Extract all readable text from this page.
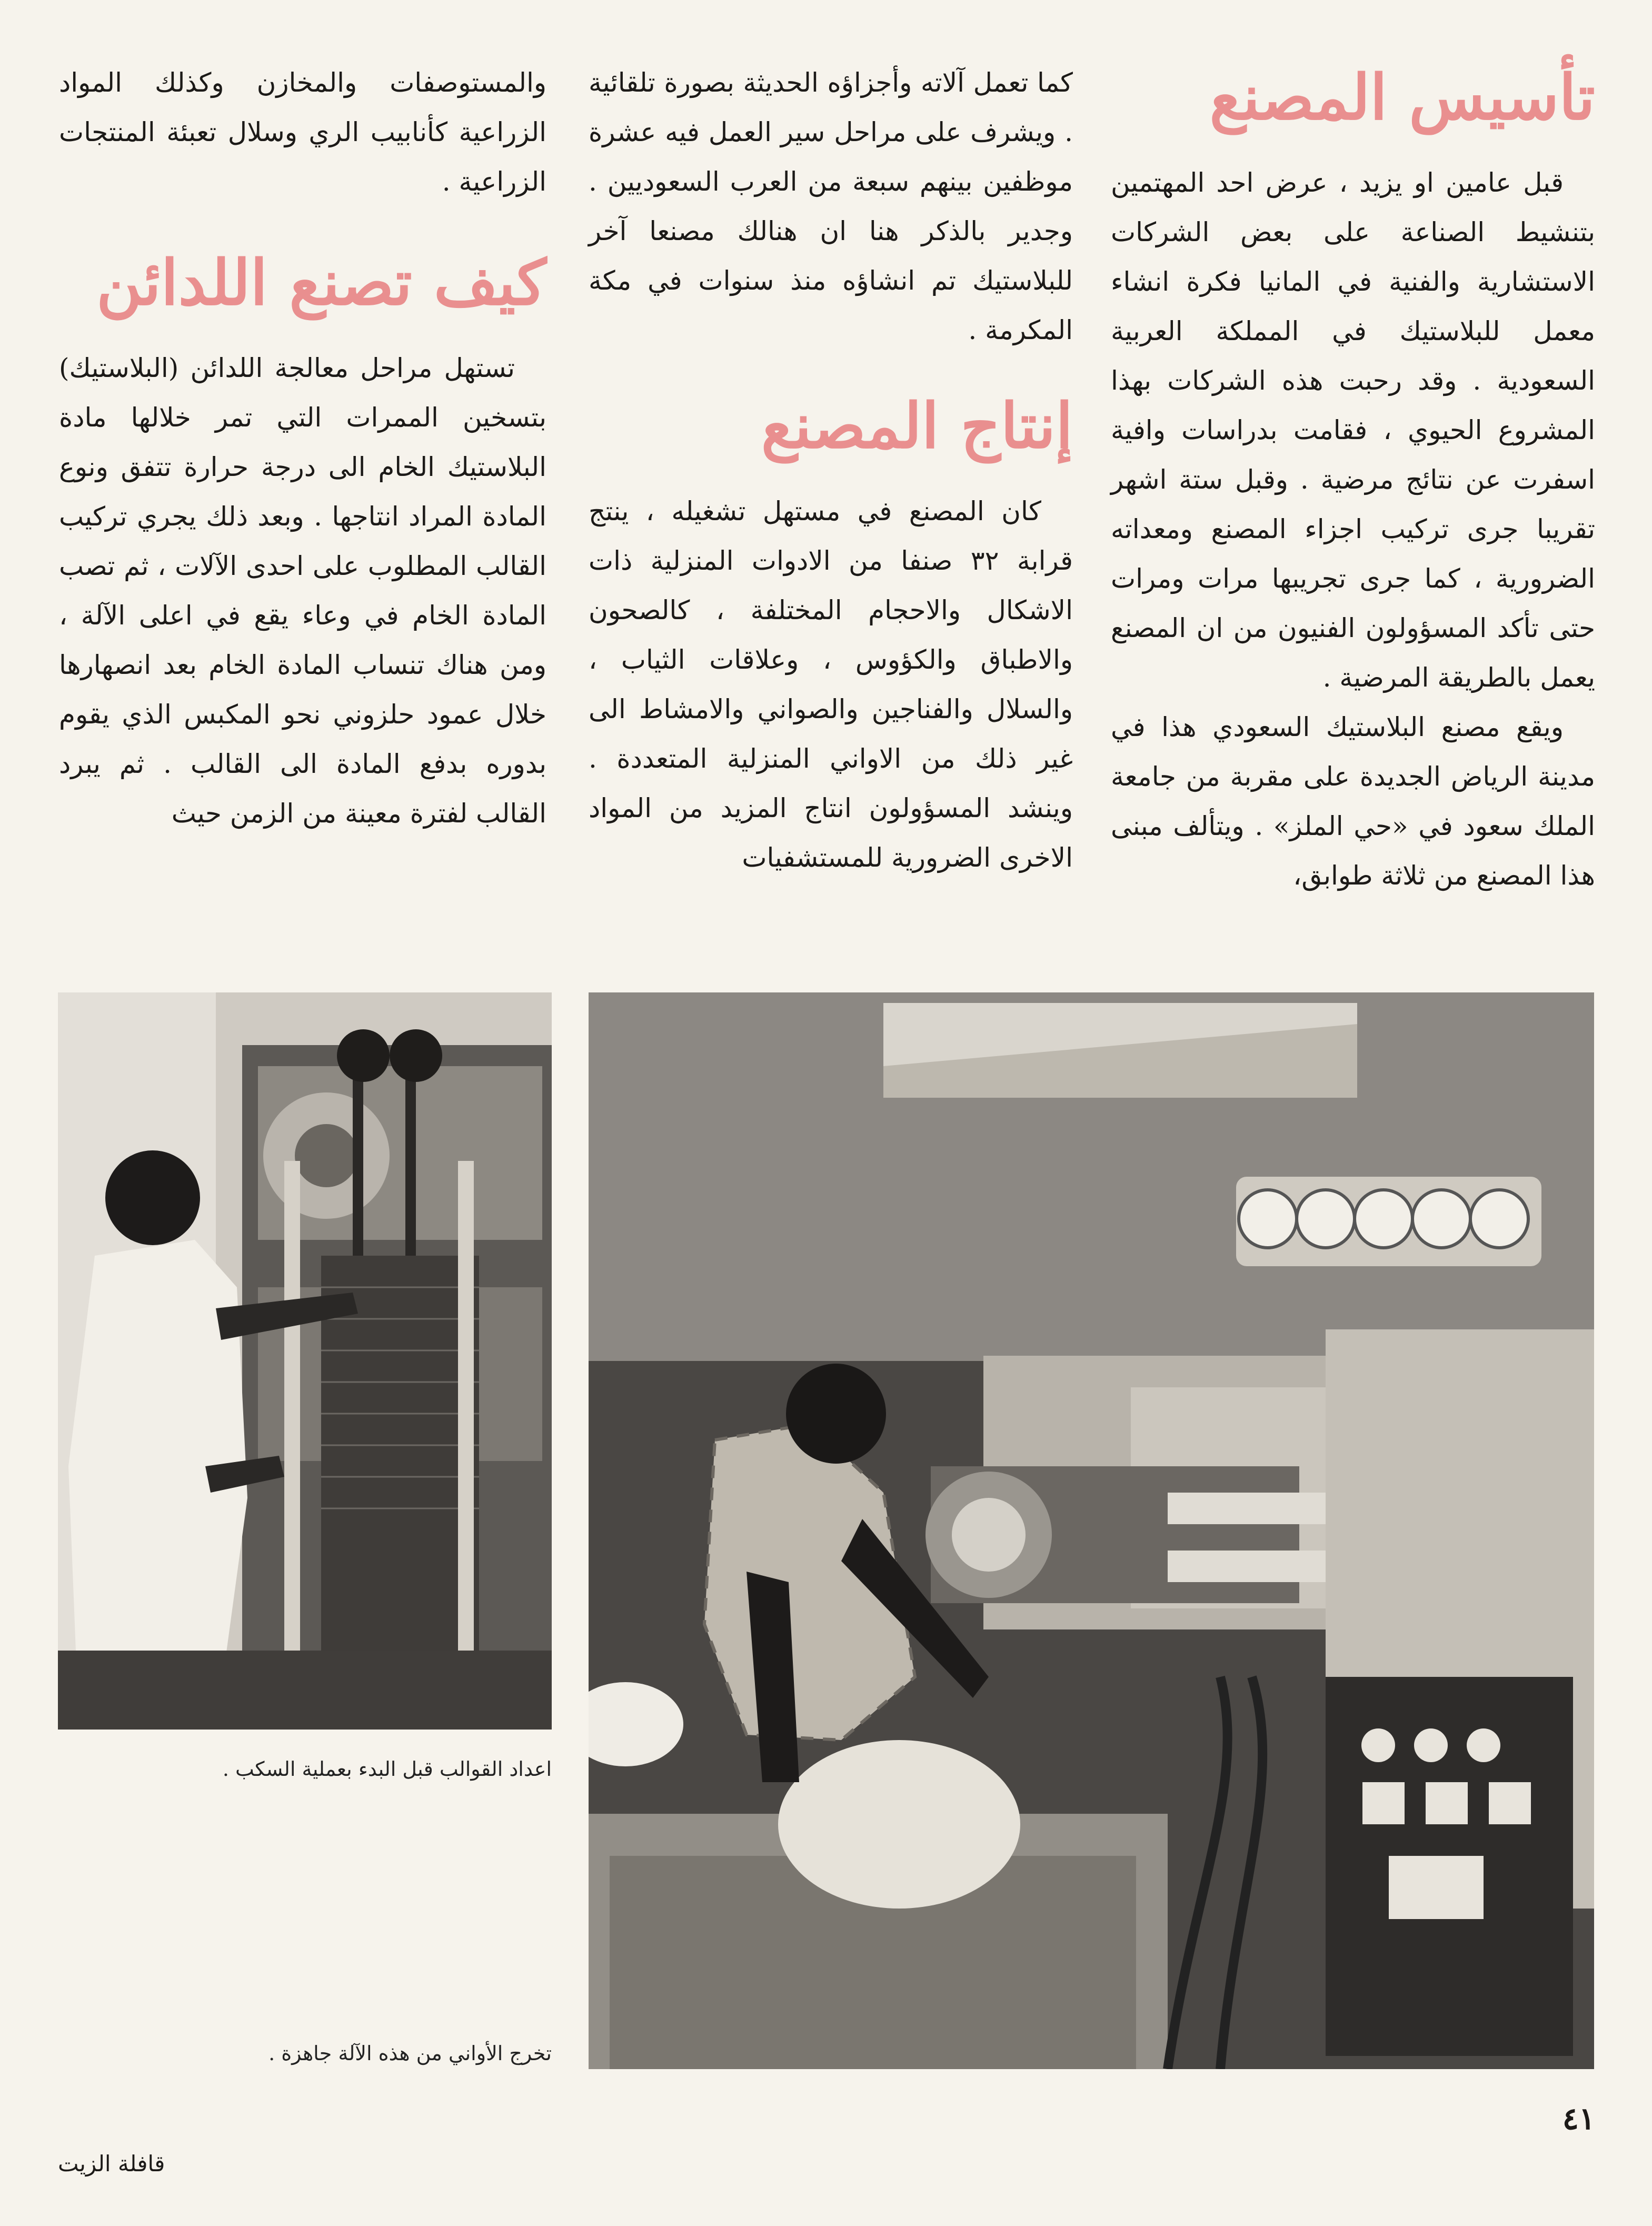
تأسيس المصنع

قبل عامين او يزيد ، عرض احد المهتمين بتنشيط الصناعة على بعض الشركات الاستشارية والفنية في المانيا فكرة انشاء معمل للبلاستيك في المملكة العربية السعودية . وقد رحبت هذه الشركات بهذا المشروع الحيوي ، فقامت بدراسات وافية اسفرت عن نتائج مرضية . وقبل ستة اشهر تقريبا جرى تركيب اجزاء المصنع ومعداته الضرورية ، كما جرى تجريبها مرات ومرات حتى تأكد المسؤولون الفنيون من ان المصنع يعمل بالطريقة المرضية .

ويقع مصنع البلاستيك السعودي هذا في مدينة الرياض الجديدة على مقربة من جامعة الملك سعود في «حي الملز» . ويتألف مبنى هذا المصنع من ثلاثة طوابق،

كما تعمل آلاته وأجزاؤه الحديثة بصورة تلقائية . ويشرف على مراحل سير العمل فيه عشرة موظفين بينهم سبعة من العرب السعوديين . وجدير بالذكر هنا ان هنالك مصنعا آخر للبلاستيك تم انشاؤه منذ سنوات في مكة المكرمة .

إنتاج المصنع

كان المصنع في مستهل تشغيله ، ينتج قرابة ٣٢ صنفا من الادوات المنزلية ذات الاشكال والاحجام المختلفة ، كالصحون والاطباق والكؤوس ، وعلاقات الثياب ، والسلال والفناجين والصواني والامشاط الى غير ذلك من الاواني المنزلية المتعددة . وينشد المسؤولون انتاج المزيد من المواد الاخرى الضرورية للمستشفيات

والمستوصفات والمخازن وكذلك المواد الزراعية كأنابيب الري وسلال تعبئة المنتجات الزراعية .

كيف تصنع اللدائن

تستهل مراحل معالجة اللدائن (البلاستيك) بتسخين الممرات التي تمر خلالها مادة البلاستيك الخام الى درجة حرارة تتفق ونوع المادة المراد انتاجها . وبعد ذلك يجري تركيب القالب المطلوب على احدى الآلات ، ثم تصب المادة الخام في وعاء يقع في اعلى الآلة ، ومن هناك تنساب المادة الخام بعد انصهارها خلال عمود حلزوني نحو المكبس الذي يقوم بدوره بدفع المادة الى القالب . ثم يبرد القالب لفترة معينة من الزمن حيث

اعداد القوالب قبل البدء بعملية السكب .
تخرج الأواني من هذه الآلة جاهزة .
٤١
قافلة الزيت
